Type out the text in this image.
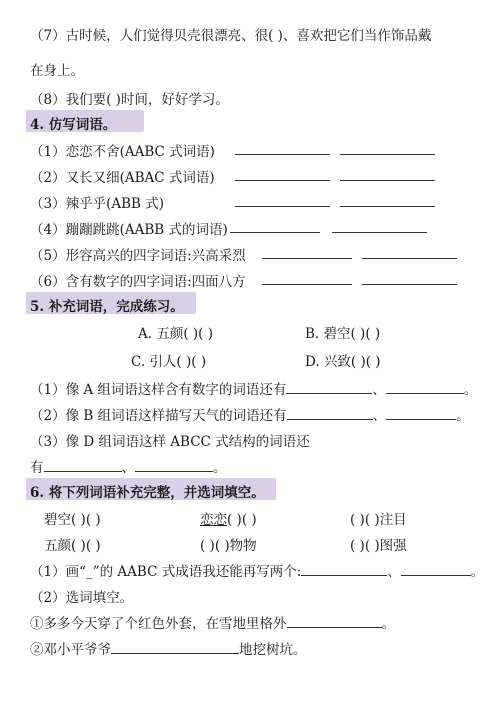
（7）古时候，人们觉得贝壳很漂亮、很( )、喜欢把它们当作饰品戴
在身上。
（8）我们要( )时间，好好学习。
4. 仿写词语。
（1）恋恋不舍(AABC 式词语)
（2）又长又细(ABAC 式词语)
（3）辣乎乎(ABB 式)
（4）蹦蹦跳跳(AABB 式的词语)
（5）形容高兴的四字词语:兴高采烈
（6）含有数字的四字词语:四面八方
5. 补充词语，完成练习。
A. 五颜( )( )	B. 碧空( )( )
C. 引人( )( )	D. 兴致( )( )
（1）像 A 组词语这样含有数字的词语还有	、	。
（2）像 B 组词语这样描写天气的词语还有	、	。
（3）像 D 组词语这样 ABCC 式结构的词语还
有	、	。
6. 将下列词语补充完整，并选词填空。
碧空( )( )	恋恋( )( )	( )( )注目
五颜( )( )	( )( )物物	( )( )图强
（1）画“_”的 AABC 式成语我还能再写两个:	、	。
（2）选词填空。
①多多今天穿了个红色外套，在雪地里格外	。
②邓小平爷爷	地挖树坑。
